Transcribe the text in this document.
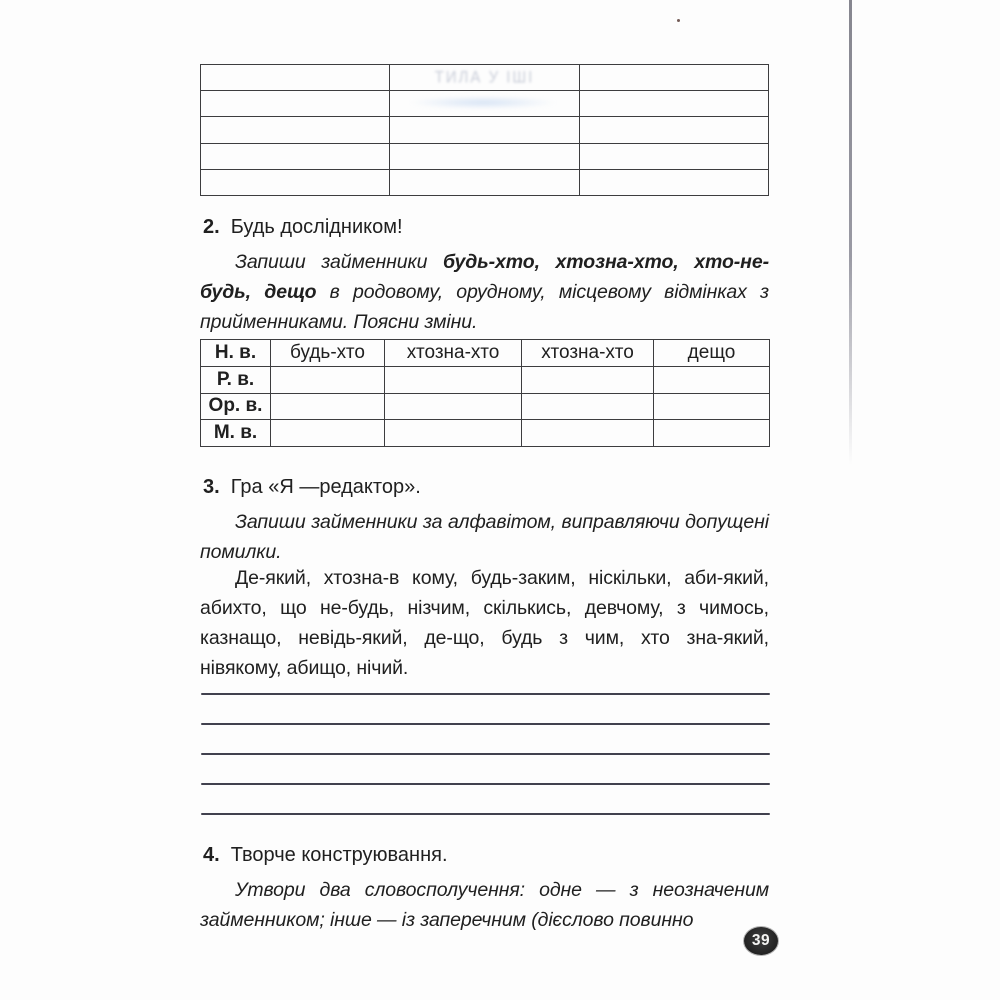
	ТИЛА У ІШІ	

2. Будь дослідником!

Запиши займенники будь-хто, хтозна-хто, хто-не-будь, дещо в родовому, орудному, місцевому відмінках з прийменниками. Поясни зміни.

Н. в.	будь-хто	хтозна-хто	хтозна-хто	дещо
Р. в.				
Ор. в.				
М. в.				
3. Гра «Я —редактор».

Запиши займенники за алфавітом, виправляючи допущені помилки.

Де-який, хтозна-в кому, будь-заким, ніскільки, аби-який, абихто, що не-будь, нізчим, скількись, девчому, з чимось, казнащо, невідь-який, де-що, будь з чим, хто зна-який, нівякому, абищо, нічий.

4. Творче конструювання.

Утвори два словосполучення: одне — з неозначеним займенником; інше — із заперечним (дієслово повинно

39
